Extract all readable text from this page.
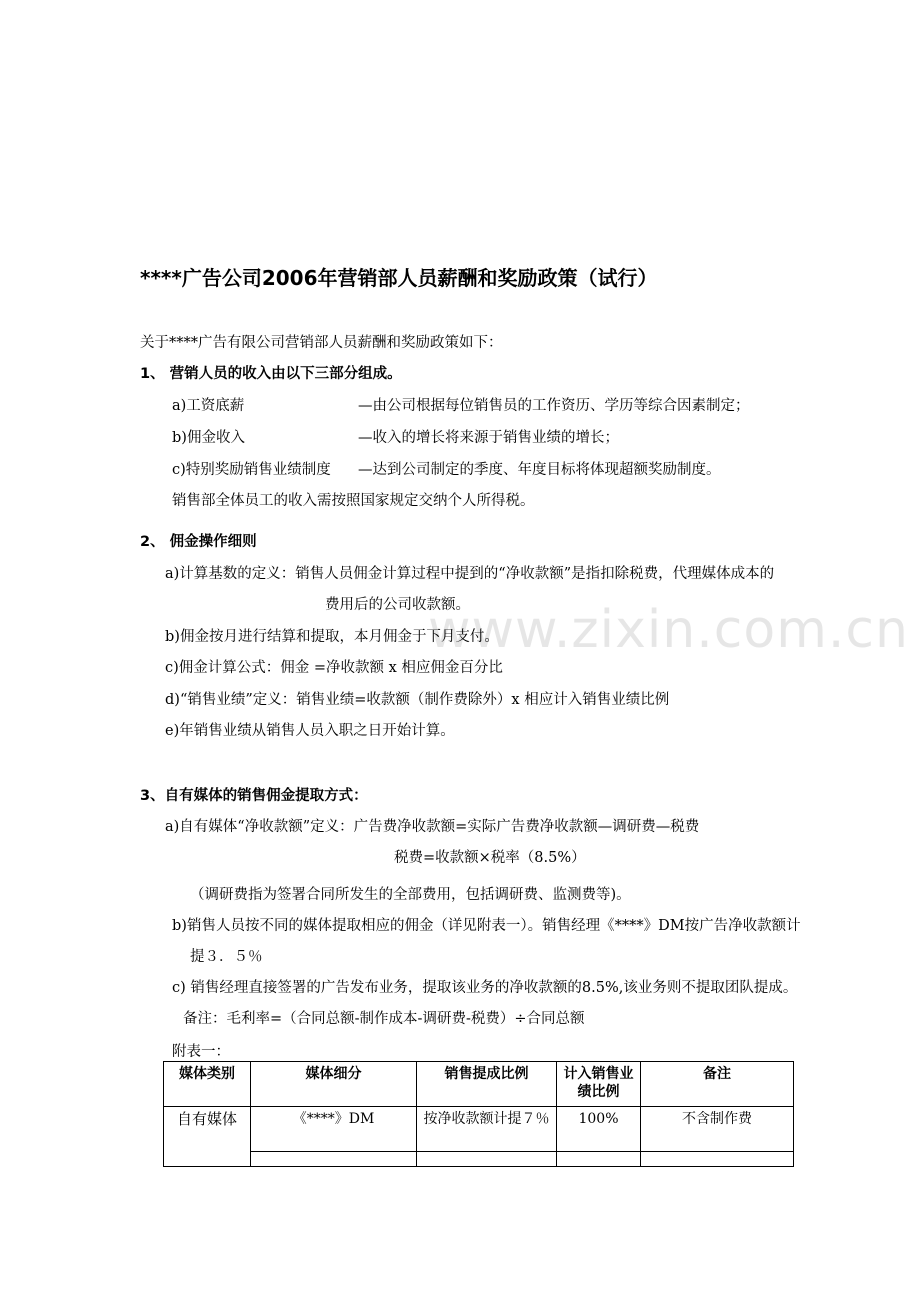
www.zixin.com.cn
****广告公司2006年营销部人员薪酬和奖励政策（试行）
关于****广告有限公司营销部人员薪酬和奖励政策如下：
1、 营销人员的收入由以下三部分组成。
a)工资底薪	—由公司根据每位销售员的工作资历、学历等综合因素制定；
b)佣金收入	—收入的增长将来源于销售业绩的增长；
c)特别奖励销售业绩制度 —达到公司制定的季度、年度目标将体现超额奖励制度。
销售部全体员工的收入需按照国家规定交纳个人所得税。
2、 佣金操作细则
a)计算基数的定义：销售人员佣金计算过程中提到的“净收款额”是指扣除税费，代理媒体成本的
费用后的公司收款额。
b)佣金按月进行结算和提取，本月佣金于下月支付。
c)佣金计算公式：佣金 =净收款额 x 相应佣金百分比
d)“销售业绩”定义：销售业绩=收款额（制作费除外）x 相应计入销售业绩比例
e)年销售业绩从销售人员入职之日开始计算。
3、自有媒体的销售佣金提取方式：
a)自有媒体“净收款额”定义：广告费净收款额=实际广告费净收款额—调研费—税费
税费=收款额×税率（8.5%）
（调研费指为签署合同所发生的全部费用，包括调研费、监测费等)。
b)销售人员按不同的媒体提取相应的佣金（详见附表一）。销售经理《****》DM按广告净收款额计
提３．５％
c) 销售经理直接签署的广告发布业务，提取该业务的净收款额的8.5%,该业务则不提取团队提成。
备注：毛利率=（合同总额-制作成本-调研费-税费）÷合同总额
附表一：
媒体类别	媒体细分	销售提成比例	计入销售业绩比例	备注
自有媒体	《****》DM	按净收款额计提７％	100%	不含制作费
